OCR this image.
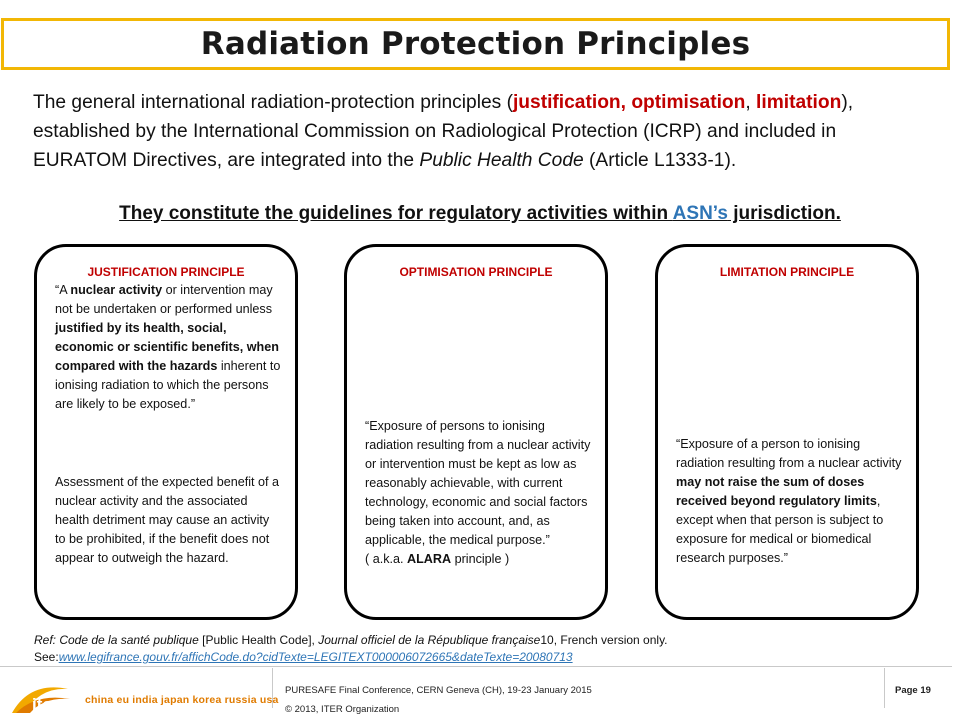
Radiation Protection Principles
The general international radiation-protection principles (justification, optimisation, limitation), established by the International Commission on Radiological Protection (ICRP) and included in EURATOM Directives, are integrated into the Public Health Code (Article L1333-1).
They constitute the guidelines for regulatory activities within ASN’s jurisdiction.
JUSTIFICATION PRINCIPLE
“A nuclear activity or intervention may not be undertaken or performed unless justified by its health, social, economic or scientific benefits, when compared with the hazards inherent to ionising radiation to which the persons are likely to be exposed.”
Assessment of the expected benefit of a nuclear activity and the associated health detriment may cause an activity to be prohibited, if the benefit does not appear to outweigh the hazard.
OPTIMISATION PRINCIPLE
“Exposure of persons to ionising radiation resulting from a nuclear activity or intervention must be kept as low as reasonably achievable, with current technology, economic and social factors being taken into account, and, as applicable, the medical purpose.”
( a.k.a. ALARA principle )
LIMITATION PRINCIPLE
“Exposure of a person to ionising radiation resulting from a nuclear activity may not raise the sum of doses received beyond regulatory limits, except when that person is subject to exposure for medical or biomedical research purposes.”
Ref: Code de la santé publique [Public Health Code], Journal officiel de la République française10, French version only.
See:www.legifrance.gouv.fr/affichCode.do?cidTexte=LEGITEXT000006072665&dateTexte=20080713
iter	china eu india japan korea russia usa
PURESAFE Final Conference, CERN Geneva (CH), 19-23 January 2015	Page 19
© 2013, ITER Organization
